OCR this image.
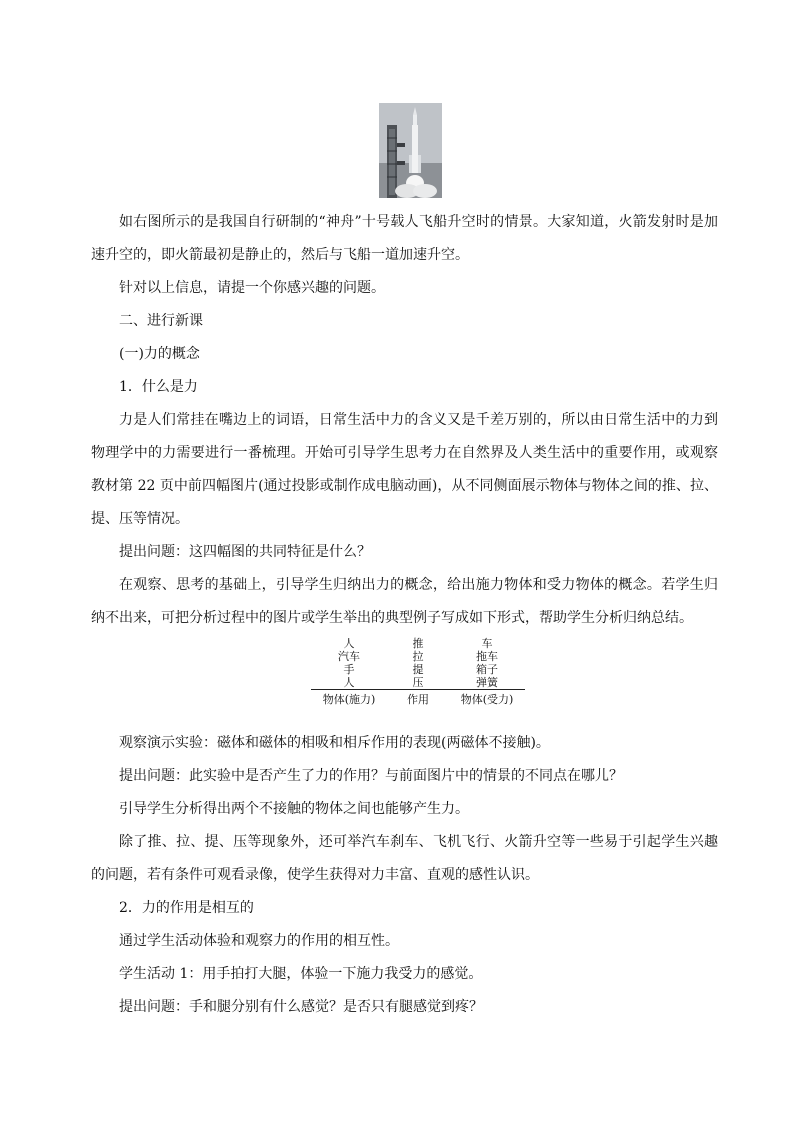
如右图所示的是我国自行研制的“神舟”十号载人飞船升空时的情景。大家知道，火箭发射时是加速升空的，即火箭最初是静止的，然后与飞船一道加速升空。

针对以上信息，请提一个你感兴趣的问题。

二、进行新课

(一)力的概念

1．什么是力

力是人们常挂在嘴边上的词语，日常生活中力的含义又是千差万别的，所以由日常生活中的力到物理学中的力需要进行一番梳理。开始可引导学生思考力在自然界及人类生活中的重要作用，或观察教材第 22 页中前四幅图片(通过投影或制作成电脑动画)，从不同侧面展示物体与物体之间的推、拉、提、压等情况。

提出问题：这四幅图的共同特征是什么？

在观察、思考的基础上，引导学生归纳出力的概念，给出施力物体和受力物体的概念。若学生归纳不出来，可把分析过程中的图片或学生举出的典型例子写成如下形式，帮助学生分析归纳总结。

人	推	车
汽车	拉	拖车
手	提	箱子
人	压	弹簧
物体(施力)	作用	物体(受力)

观察演示实验：磁体和磁体的相吸和相斥作用的表现(两磁体不接触)。

提出问题：此实验中是否产生了力的作用？与前面图片中的情景的不同点在哪儿？

引导学生分析得出两个不接触的物体之间也能够产生力。

除了推、拉、提、压等现象外，还可举汽车刹车、飞机飞行、火箭升空等一些易于引起学生兴趣的问题，若有条件可观看录像，使学生获得对力丰富、直观的感性认识。

2．力的作用是相互的

通过学生活动体验和观察力的作用的相互性。

学生活动 1：用手拍打大腿，体验一下施力我受力的感觉。

提出问题：手和腿分别有什么感觉？是否只有腿感觉到疼？
